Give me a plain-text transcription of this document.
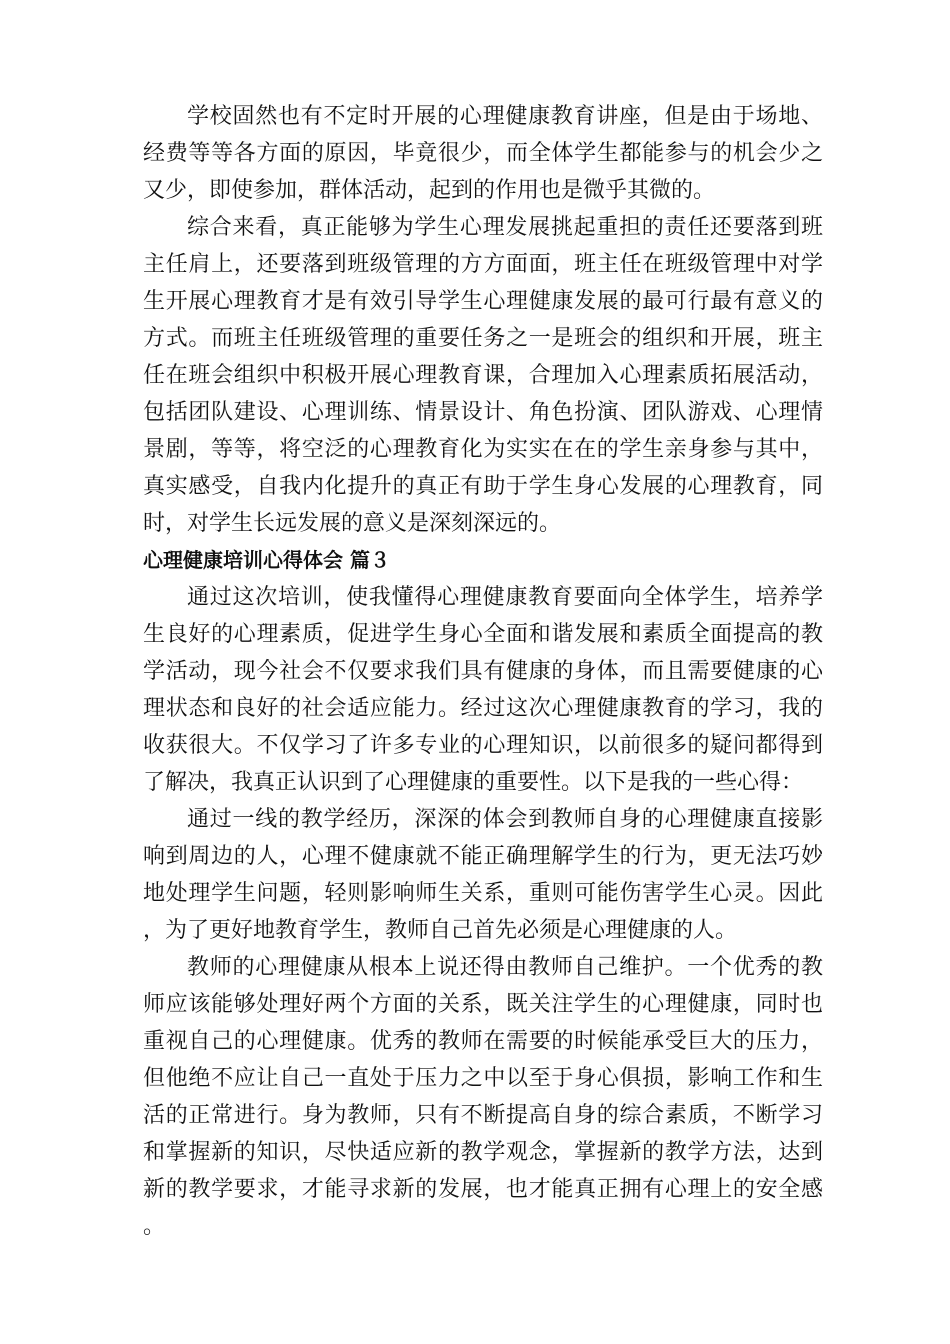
学校固然也有不定时开展的心理健康教育讲座，但是由于场地、经费等等各方面的原因，毕竟很少，而全体学生都能参与的机会少之又少，即使参加，群体活动，起到的作用也是微乎其微的。

综合来看，真正能够为学生心理发展挑起重担的责任还要落到班主任肩上，还要落到班级管理的方方面面，班主任在班级管理中对学生开展心理教育才是有效引导学生心理健康发展的最可行最有意义的方式。而班主任班级管理的重要任务之一是班会的组织和开展，班主任在班会组织中积极开展心理教育课，合理加入心理素质拓展活动，包括团队建设、心理训练、情景设计、角色扮演、团队游戏、心理情景剧，等等，将空泛的心理教育化为实实在在的学生亲身参与其中，真实感受，自我内化提升的真正有助于学生身心发展的心理教育，同时，对学生长远发展的意义是深刻深远的。

心理健康培训心得体会 篇３

通过这次培训，使我懂得心理健康教育要面向全体学生，培养学生良好的心理素质，促进学生身心全面和谐发展和素质全面提高的教学活动，现今社会不仅要求我们具有健康的身体，而且需要健康的心理状态和良好的社会适应能力。经过这次心理健康教育的学习，我的收获很大。不仅学习了许多专业的心理知识，以前很多的疑问都得到了解决，我真正认识到了心理健康的重要性。以下是我的一些心得：

通过一线的教学经历，深深的体会到教师自身的心理健康直接影响到周边的人，心理不健康就不能正确理解学生的行为，更无法巧妙地处理学生问题，轻则影响师生关系，重则可能伤害学生心灵。因此，为了更好地教育学生，教师自己首先必须是心理健康的人。

教师的心理健康从根本上说还得由教师自己维护。一个优秀的教师应该能够处理好两个方面的关系，既关注学生的心理健康，同时也重视自己的心理健康。优秀的教师在需要的时候能承受巨大的压力，但他绝不应让自己一直处于压力之中以至于身心俱损，影响工作和生活的正常进行。身为教师，只有不断提高自身的综合素质，不断学习和掌握新的知识，尽快适应新的教学观念，掌握新的教学方法，达到新的教学要求，才能寻求新的发展，也才能真正拥有心理上的安全感。
